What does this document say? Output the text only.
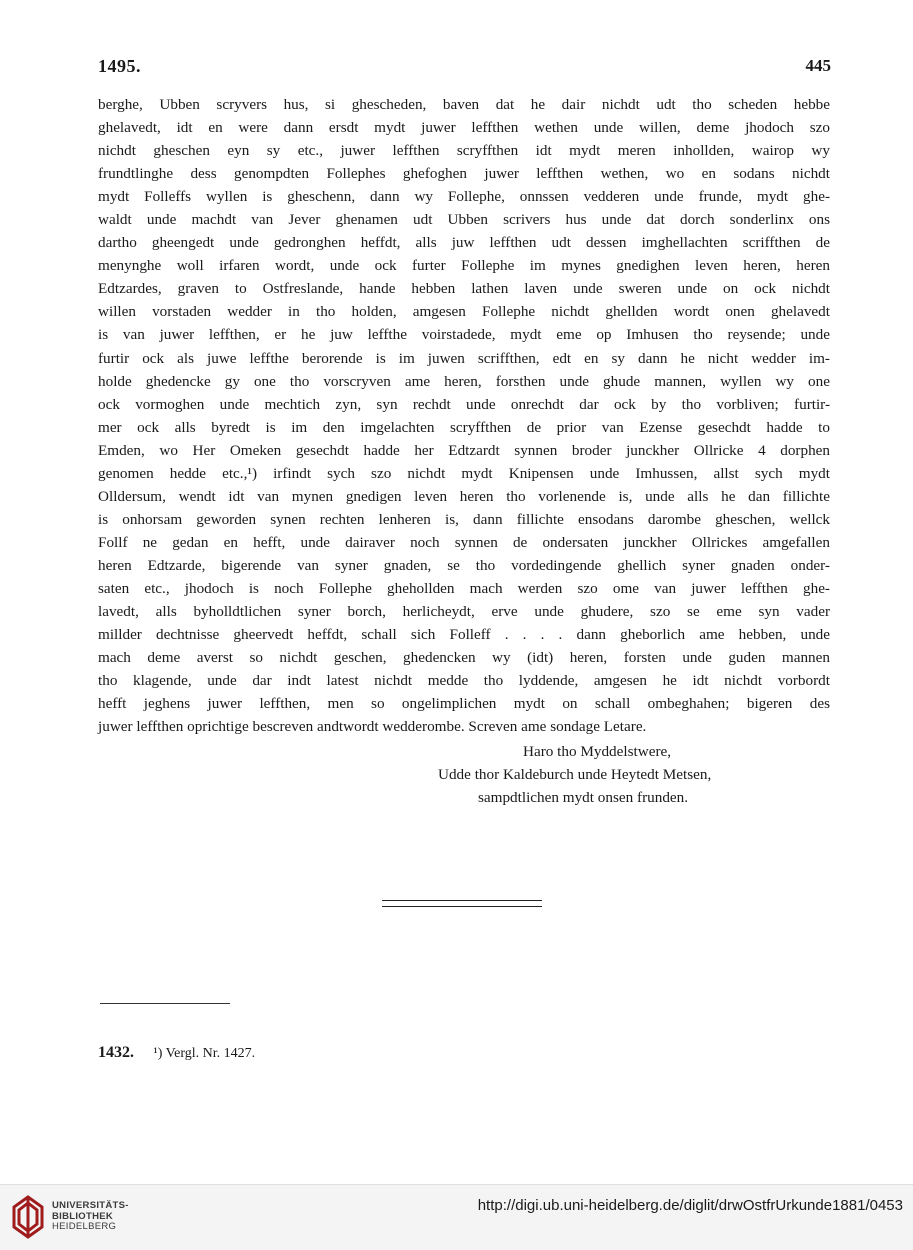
1495.	445
berghe, Ubben scryvers hus, si ghescheden, baven dat he dair nichdt udt tho scheden hebbe
ghelavedt, idt en were dann ersdt mydt juwer leffthen wethen unde willen, deme jhodoch szo
nichdt gheschen eyn sy etc., juwer leffthen scryffthen idt mydt meren inhollden, wairop wy
frundtlinghe dess genompdten Follephes ghefoghen juwer leffthen wethen, wo en sodans nichdt
mydt Folleffs wyllen is gheschenn, dann wy Follephe, onnssen vedderen unde frunde, mydt ghe-
waldt unde machdt van Jever ghenamen udt Ubben scrivers hus unde dat dorch sonderlinx ons
dartho gheengedt unde gedronghen heffdt, alls juw leffthen udt dessen imghellachten scriffthen de
menynghe woll irfaren wordt, unde ock furter Follephe im mynes gnedighen leven heren, heren
Edtzardes, graven to Ostfreslande, hande hebben lathen laven unde sweren unde on ock nichdt
willen vorstaden wedder in tho holden, amgesen Follephe nichdt ghellden wordt onen ghelavedt
is van juwer leffthen, er he juw leffthe voirstadede, mydt eme op Imhusen tho reysende; unde
furtir ock als juwe leffthe berorende is im juwen scriffthen, edt en sy dann he nicht wedder im-
holde ghedencke gy one tho vorscryven ame heren, forsthen unde ghude mannen, wyllen wy one
ock vormoghen unde mechtich zyn, syn rechdt unde onrechdt dar ock by tho vorbliven; furtir-
mer ock alls byredt is im den imgelachten scryffthen de prior van Ezense gesechdt hadde to
Emden, wo Her Omeken gesechdt hadde her Edtzardt synnen broder junckher Ollricke 4 dorphen
genomen hedde etc.,¹) irfindt sych szo nichdt mydt Knipensen unde Imhussen, allst sych mydt
Olldersum, wendt idt van mynen gnedigen leven heren tho vorlenende is, unde alls he dan fillichte
is onhorsam geworden synen rechten lenheren is, dann fillichte ensodans darombe gheschen, wellck
Follf ne gedan en hefft, unde dairaver noch synnen de ondersaten junckher Ollrickes amgefallen
heren Edtzarde, bigerende van syner gnaden, se tho vordedingende ghellich syner gnaden onder-
saten etc., jhodoch is noch Follephe ghehollden mach werden szo ome van juwer leffthen ghe-
lavedt, alls byholldtlichen syner borch, herlicheydt, erve unde ghudere, szo se eme syn vader
millder dechtnisse gheervedt heffdt, schall sich Folleff . . . . dann gheborlich ame hebben, unde
mach deme averst so nichdt geschen, ghedencken wy (idt) heren, forsten unde guden mannen
tho klagende, unde dar indt latest nichdt medde tho lyddende, amgesen he idt nichdt vorbordt
hefft jeghens juwer leffthen, men so ongelimplichen mydt on schall ombeghahen; bigeren des
juwer leffthen oprichtige bescreven andtwordt wedderombe. Screven ame sondage Letare.
Haro tho Myddelstwere,
Udde thor Kaldeburch unde Heytedt Metsen,
sampdtlichen mydt onsen frunden.
1432. ¹) Vergl. Nr. 1427.
UNIVERSITÄTS-
BIBLIOTHEK
HEIDELBERG
http://digi.ub.uni-heidelberg.de/diglit/drwOstfrUrkunde1881/0453
